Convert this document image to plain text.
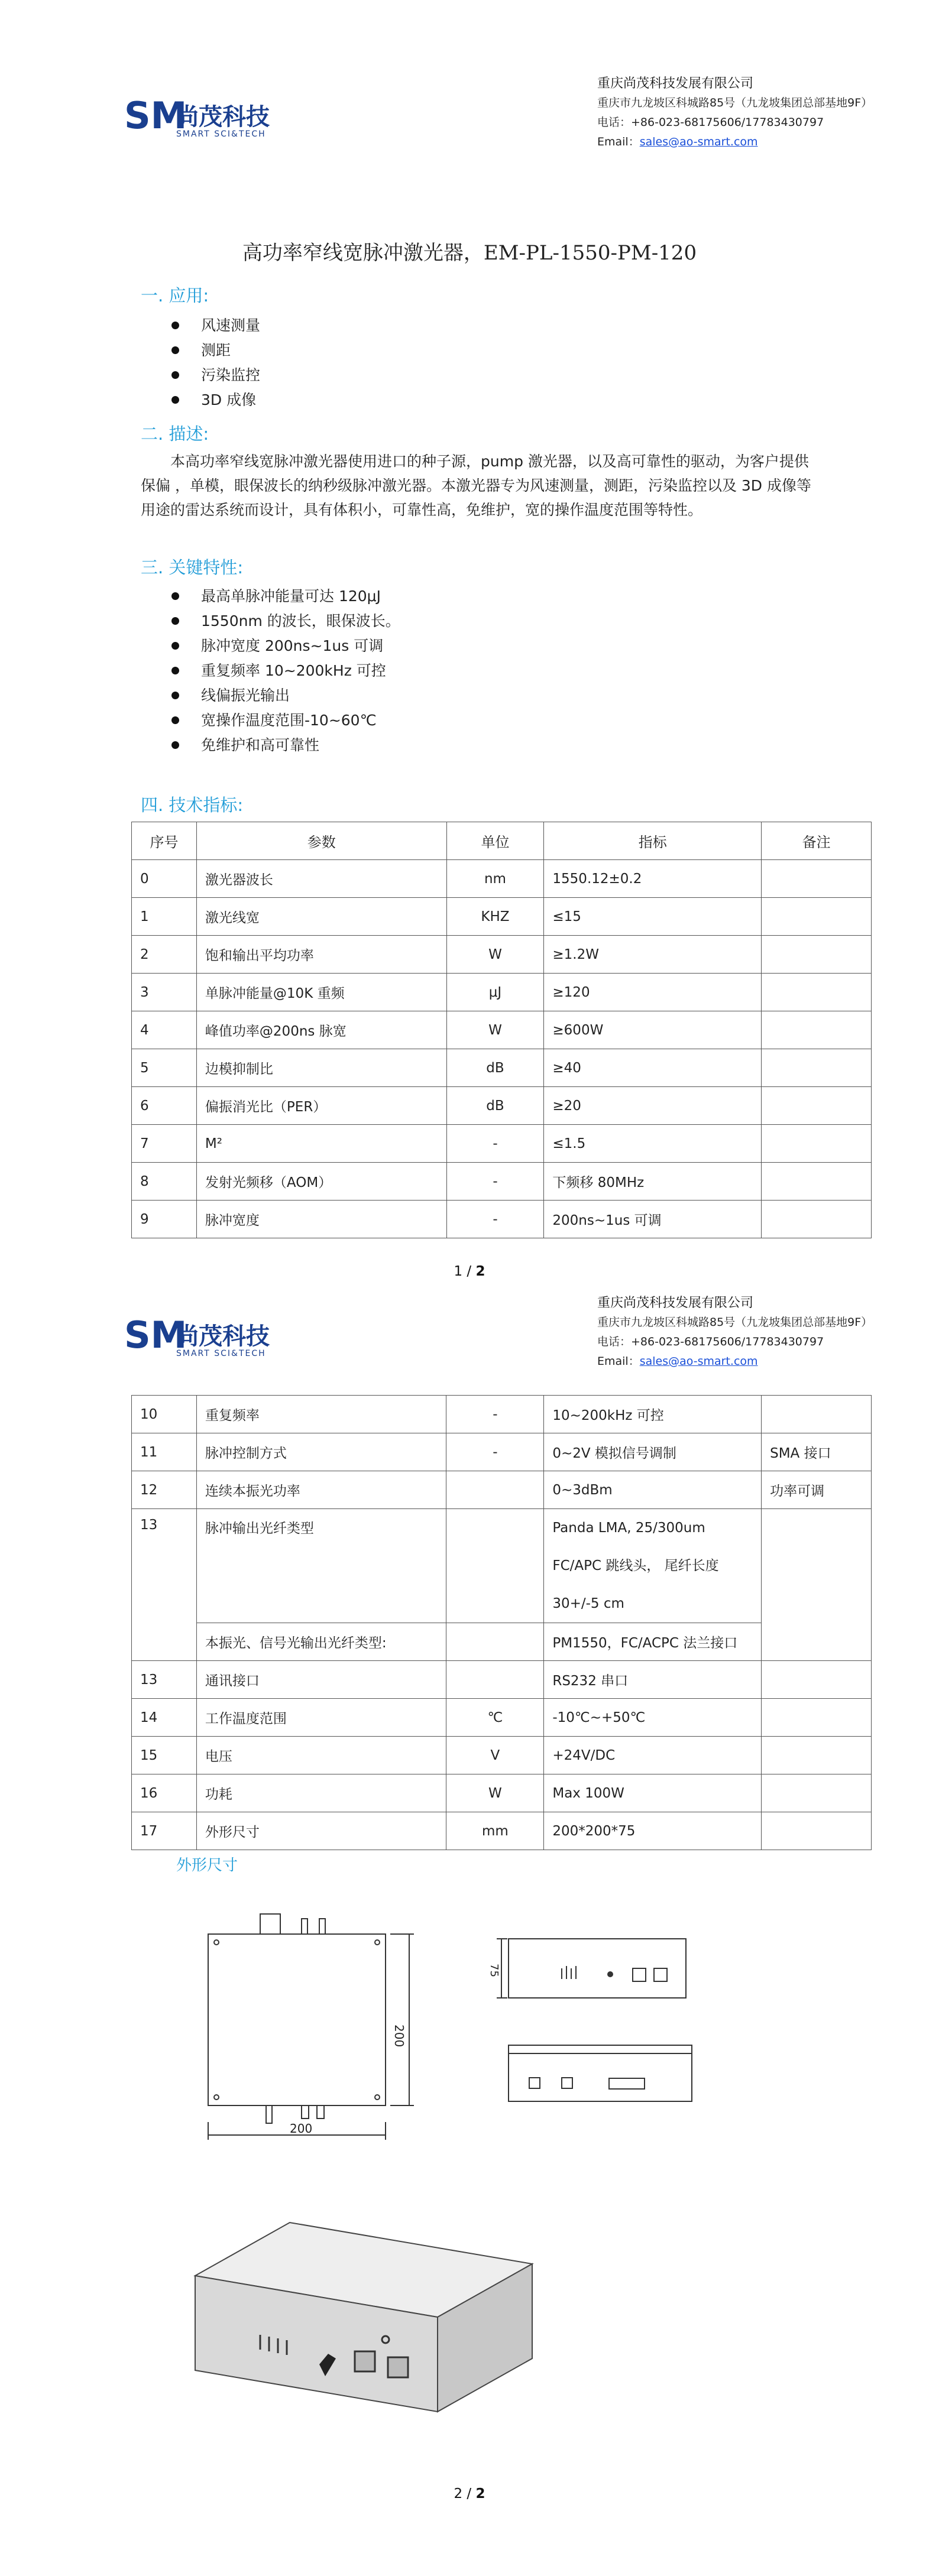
SM
尚茂科技
SMART SCI&TECH
重庆尚茂科技发展有限公司
重庆市九龙坡区科城路85号（九龙坡集团总部基地9F）
电话：+86-023-68175606/17783430797
Email：sales@ao-smart.com
高功率窄线宽脉冲激光器，EM-PL-1550-PM-120
一. 应用:
风速测量
测距
污染监控
3D 成像
二. 描述:
本高功率窄线宽脉冲激光器使用进口的种子源，pump 激光器，以及高可靠性的驱动，为客户提供保偏 ，单模，眼保波长的纳秒级脉冲激光器。本激光器专为风速测量，测距，污染监控以及 3D 成像等用途的雷达系统而设计，具有体积小，可靠性高，免维护，宽的操作温度范围等特性。
三. 关键特性:
最高单脉冲能量可达 120μJ
1550nm 的波长，眼保波长。
脉冲宽度 200ns~1us 可调
重复频率 10~200kHz 可控
线偏振光输出
宽操作温度范围-10~60℃
免维护和高可靠性
四. 技术指标:
序号	参数	单位	指标	备注
0	激光器波长	nm	1550.12±0.2	
1	激光线宽	KHZ	≤15	
2	饱和输出平均功率	W	≥1.2W	
3	单脉冲能量@10K 重频	μJ	≥120	
4	峰值功率@200ns 脉宽	W	≥600W	
5	边模抑制比	dB	≥40	
6	偏振消光比（PER）	dB	≥20	
7	M²	-	≤1.5	
8	发射光频移（AOM）	-	下频移 80MHz	
9	脉冲宽度	-	200ns~1us 可调	
1 / 2
SM
尚茂科技
SMART SCI&TECH
重庆尚茂科技发展有限公司
重庆市九龙坡区科城路85号（九龙坡集团总部基地9F）
电话：+86-023-68175606/17783430797
Email：sales@ao-smart.com
10	重复频率	-	10~200kHz 可控	
11	脉冲控制方式	-	0~2V 模拟信号调制	SMA 接口
12	连续本振光功率		0~3dBm	功率可调
13	脉冲输出光纤类型		Panda LMA, 25/300um
FC/APC 跳线头， 尾纤长度
30+/-5 cm	

	本振光、信号光输出光纤类型:		PM1550，FC/ACPC 法兰接口	
13	通讯接口		RS232 串口	
14	工作温度范围	℃	-10℃~+50℃	
15	电压	V	+24V/DC	
16	功耗	W	Max 100W	
17	外形尺寸	mm	200*200*75	
外形尺寸
200
200
75
2 / 2
